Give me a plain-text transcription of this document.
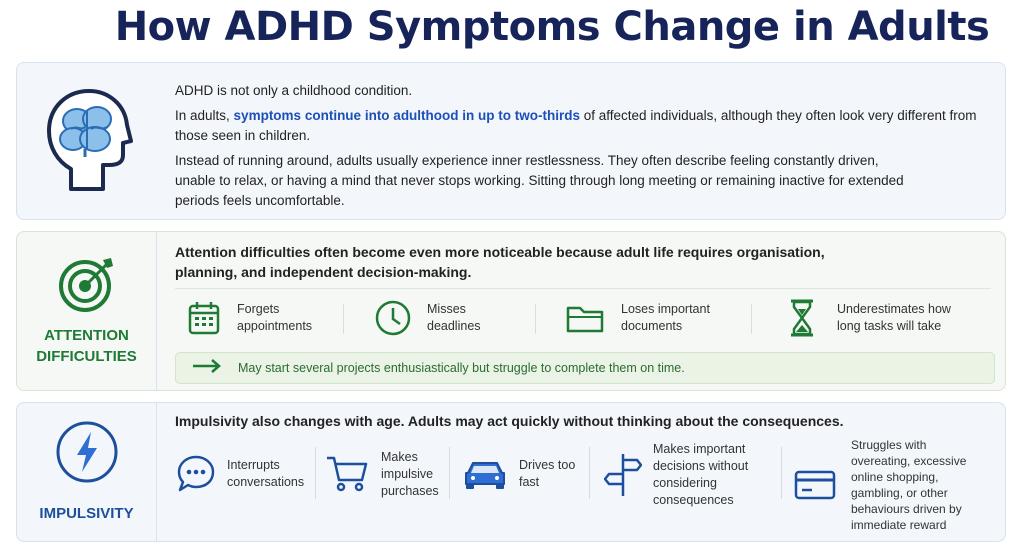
How ADHD Symptoms Change in Adults

ADHD is not only a childhood condition.

In adults, symptoms continue into adulthood in up to two-thirds of affected individuals, although they often look very different from those seen in children.

Instead of running around, adults usually experience inner restlessness. They often describe feeling constantly driven, unable to relax, or having a mind that never stops working. Sitting through long meeting or remaining inactive for extended periods feels uncomfortable.

ATTENTION
DIFFICULTIES
Attention difficulties often become even more noticeable because adult life requires organisation, planning, and independent decision-making.
Forgets appointments
Misses deadlines
Loses important documents
Underestimates how long tasks will take
May start several projects enthusiastically but struggle to complete them on time.
IMPULSIVITY
Impulsivity also changes with age. Adults may act quickly without thinking about the consequences.
Interrupts conversations
Makes impulsive purchases
Drives too fast
Makes important decisions without considering consequences
Struggles with overeating, excessive online shopping, gambling, or other behaviours driven by immediate reward
